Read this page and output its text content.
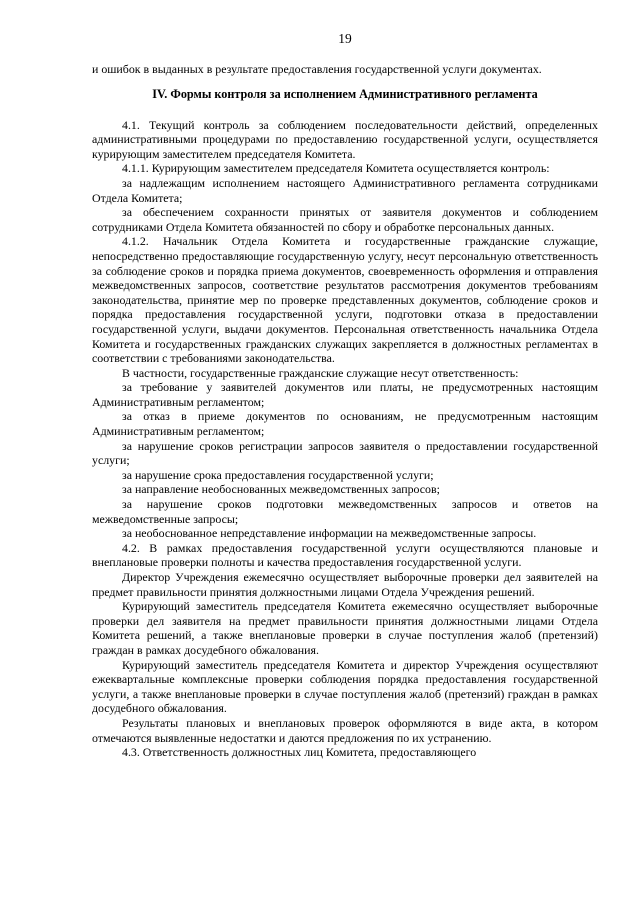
19

и ошибок в выданных в результате предоставления государственной услуги документах.

IV. Формы контроля за исполнением Административного регламента

4.1. Текущий контроль за соблюдением последовательности действий, определенных административными процедурами по предоставлению государственной услуги, осуществляется курирующим заместителем председателя Комитета.

4.1.1. Курирующим заместителем председателя Комитета осуществляется контроль:

за надлежащим исполнением настоящего Административного регламента сотрудниками Отдела Комитета;

за обеспечением сохранности принятых от заявителя документов и соблюдением сотрудниками Отдела Комитета обязанностей по сбору и обработке персональных данных.

4.1.2. Начальник Отдела Комитета и государственные гражданские служащие, непосредственно предоставляющие государственную услугу, несут персональную ответственность за соблюдение сроков и порядка приема документов, своевременность оформления и отправления межведомственных запросов, соответствие результатов рассмотрения документов требованиям законодательства, принятие мер по проверке представленных документов, соблюдение сроков и порядка предоставления государственной услуги, подготовки отказа в предоставлении государственной услуги, выдачи документов. Персональная ответственность начальника Отдела Комитета и государственных гражданских служащих закрепляется в должностных регламентах в соответствии с требованиями законодательства.

В частности, государственные гражданские служащие несут ответственность:

за требование у заявителей документов или платы, не предусмотренных настоящим Административным регламентом;

за отказ в приеме документов по основаниям, не предусмотренным настоящим Административным регламентом;

за нарушение сроков регистрации запросов заявителя о предоставлении государственной услуги;

за нарушение срока предоставления государственной услуги;

за направление необоснованных межведомственных запросов;

за нарушение сроков подготовки межведомственных запросов и ответов на межведомственные запросы;

за необоснованное непредставление информации на межведомственные запросы.

4.2. В рамках предоставления государственной услуги осуществляются плановые и внеплановые проверки полноты и качества предоставления государственной услуги.

Директор Учреждения ежемесячно осуществляет выборочные проверки дел заявителей на предмет правильности принятия должностными лицами Отдела Учреждения решений.

Курирующий заместитель председателя Комитета ежемесячно осуществляет выборочные проверки дел заявителя на предмет правильности принятия должностными лицами Отдела Комитета решений, а также внеплановые проверки в случае поступления жалоб (претензий) граждан в рамках досудебного обжалования.

Курирующий заместитель председателя Комитета и директор Учреждения осуществляют ежеквартальные комплексные проверки соблюдения порядка предоставления государственной услуги, а также внеплановые проверки в случае поступления жалоб (претензий) граждан в рамках досудебного обжалования.

Результаты плановых и внеплановых проверок оформляются в виде акта, в котором отмечаются выявленные недостатки и даются предложения по их устранению.

4.3. Ответственность должностных лиц Комитета, предоставляющего
